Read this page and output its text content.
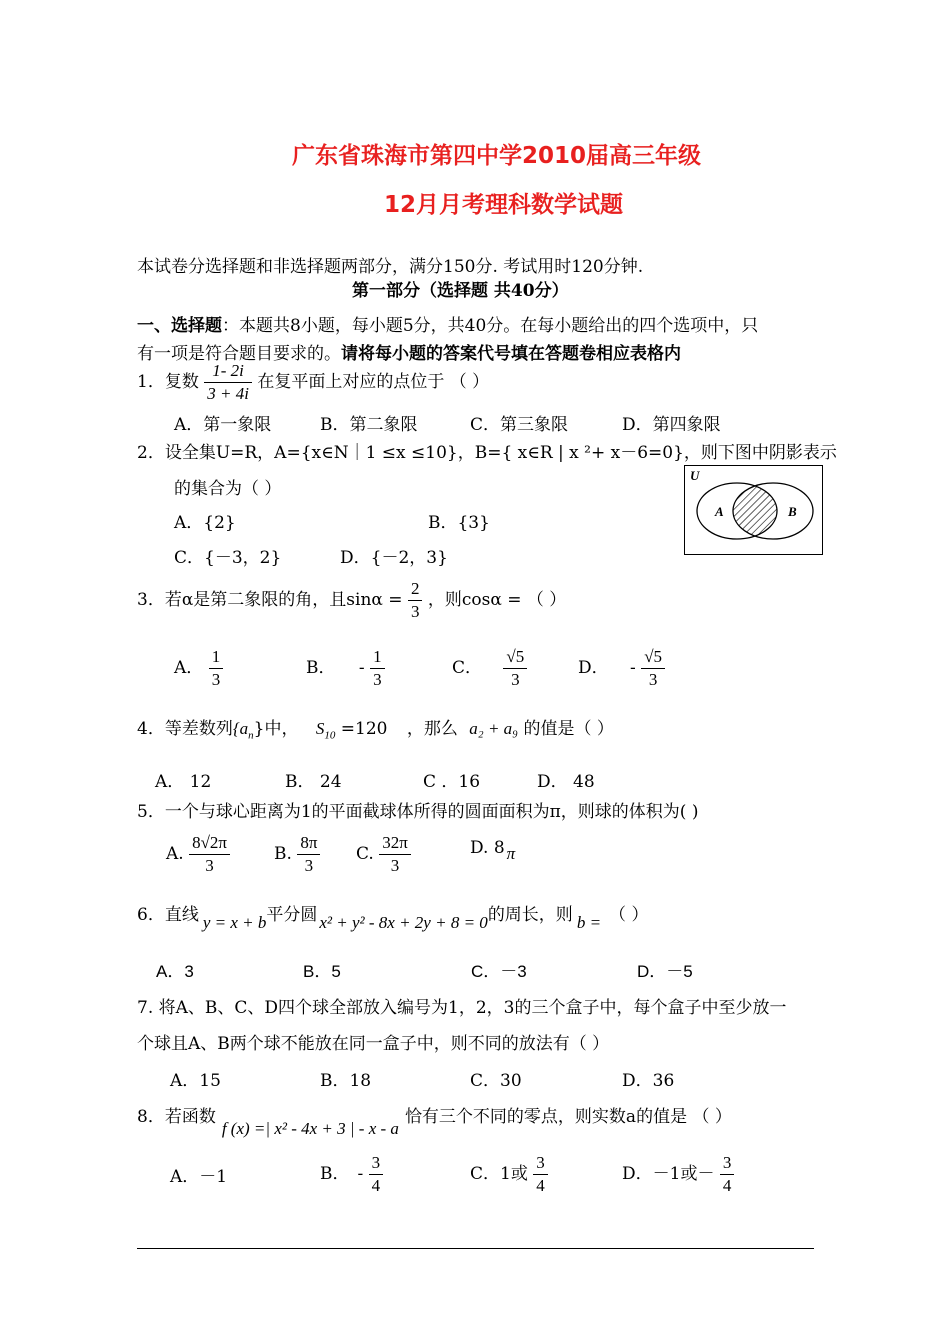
广东省珠海市第四中学2010届高三年级
12月月考理科数学试题
本试卷分选择题和非选择题两部分，满分150分. 考试用时120分钟.
第一部分（选择题 共40分）
一、选择题：本题共8小题，每小题5分，共40分。在每小题给出的四个选项中，只
有一项是符合题目要求的。请将每小题的答案代号填在答题卷相应表格内
1．复数 $\frac{1- 2i}{3 + 4i}$ 在复平面上对应的点位于 （ ）
A．第一象限	B．第二象限	C．第三象限	D．第四象限
2．设全集U=R，A={x∈N｜1 ≤x ≤10}，B={ x∈R | x ²+ x－6=0}，则下图中阴影表示
的集合为（ ）
A．{2}	B．{3}
C．{－3，2}	D．{－2，3}
U
A	B
3．若α是第二象限的角，且$\sin\alpha = \frac{2}{3}$ ，则cosα = （ ）
A． $\frac{1}{3}$	B． - $\frac{1}{3}$	C． $\frac{√5}{3}$	D． - $\frac{√5}{3}$
4．等差数列$\{a_n\}$中， $S_{10} =120$ ，那么 a₂ + a₉ 的值是（ ）
A． 12	B． 24	C ．16	D． 48
5．一个与球心距离为1的平面截球体所得的圆面面积为π，则球的体积为( )
A. $\frac{8√2\pi}{3}$	B. $\frac{8\pi}{3} C$. $\frac{32\pi}{3}$	D. 8 π
6．直线 y = x + b平分圆 x² + y² - 8x + 2y + 8 = 0的周长，则 b = （ ）
A．3	B．5	C．－3	D．－5
7. 将A、B、C、D四个球全部放入编号为1，2，3的三个盒子中，每个盒子中至少放一
个球且A、B两个球不能放在同一盒子中，则不同的放法有（ ）
A．15	B．18	C．30	D．36
8．若函数f (x) =| x² - 4x + 3 | - x - a恰有三个不同的零点，则实数a的值是 （ ）
A．－1	B． - $\frac{3}{4}$	C．1或 $\frac{3}{4}$	D．－1或－ $\frac{3}{4}$
